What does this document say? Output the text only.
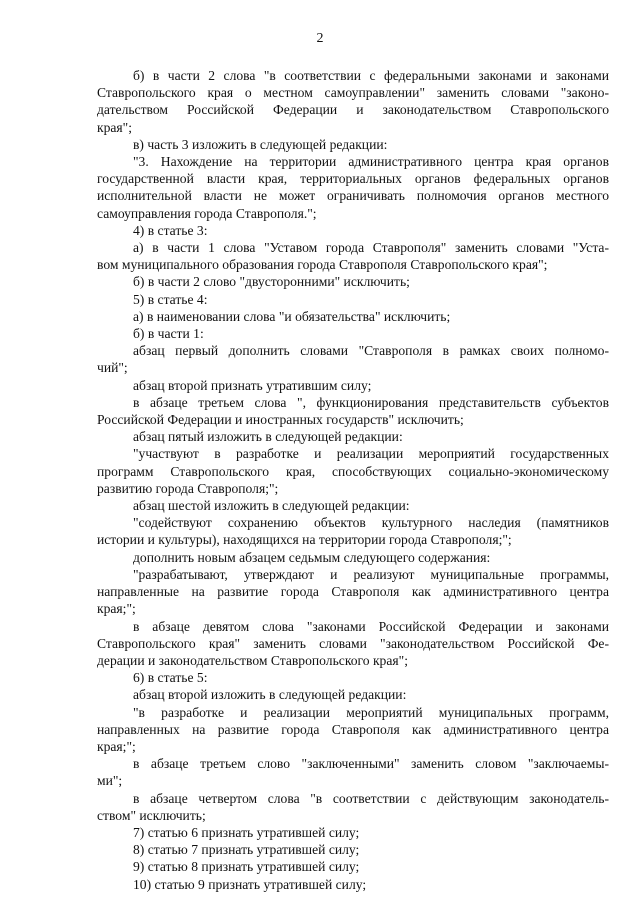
2
б) в части 2 слова "в соответствии с федеральными законами и законами
Ставропольского края о местном самоуправлении" заменить словами "законо-
дательством Российской Федерации и законодательством Ставропольского
края";
в) часть 3 изложить в следующей редакции:
"3. Нахождение на территории административного центра края органов
государственной власти края, территориальных органов федеральных органов
исполнительной власти не может ограничивать полномочия органов местного
самоуправления города Ставрополя.";
4) в статье 3:
а) в части 1 слова "Уставом города Ставрополя" заменить словами "Уста-
вом муниципального образования города Ставрополя Ставропольского края";
б) в части 2 слово "двусторонними" исключить;
5) в статье 4:
а) в наименовании слова "и обязательства" исключить;
б) в части 1:
абзац первый дополнить словами "Ставрополя в рамках своих полномо-
чий";
абзац второй признать утратившим силу;
в абзаце третьем слова ", функционирования представительств субъектов
Российской Федерации и иностранных государств" исключить;
абзац пятый изложить в следующей редакции:
"участвуют в разработке и реализации мероприятий государственных
программ Ставропольского края, способствующих социально-экономическому
развитию города Ставрополя;";
абзац шестой изложить в следующей редакции:
"содействуют сохранению объектов культурного наследия (памятников
истории и культуры), находящихся на территории города Ставрополя;";
дополнить новым абзацем седьмым следующего содержания:
"разрабатывают, утверждают и реализуют муниципальные программы,
направленные на развитие города Ставрополя как административного центра
края;";
в абзаце девятом слова "законами Российской Федерации и законами
Ставропольского края" заменить словами "законодательством Российской Фе-
дерации и законодательством Ставропольского края";
6) в статье 5:
абзац второй изложить в следующей редакции:
"в разработке и реализации мероприятий муниципальных программ,
направленных на развитие города Ставрополя как административного центра
края;";
в абзаце третьем слово "заключенными" заменить словом "заключаемы-
ми";
в абзаце четвертом слова "в соответствии с действующим законодатель-
ством" исключить;
7) статью 6 признать утратившей силу;
8) статью 7 признать утратившей силу;
9) статью 8 признать утратившей силу;
10) статью 9 признать утратившей силу;
